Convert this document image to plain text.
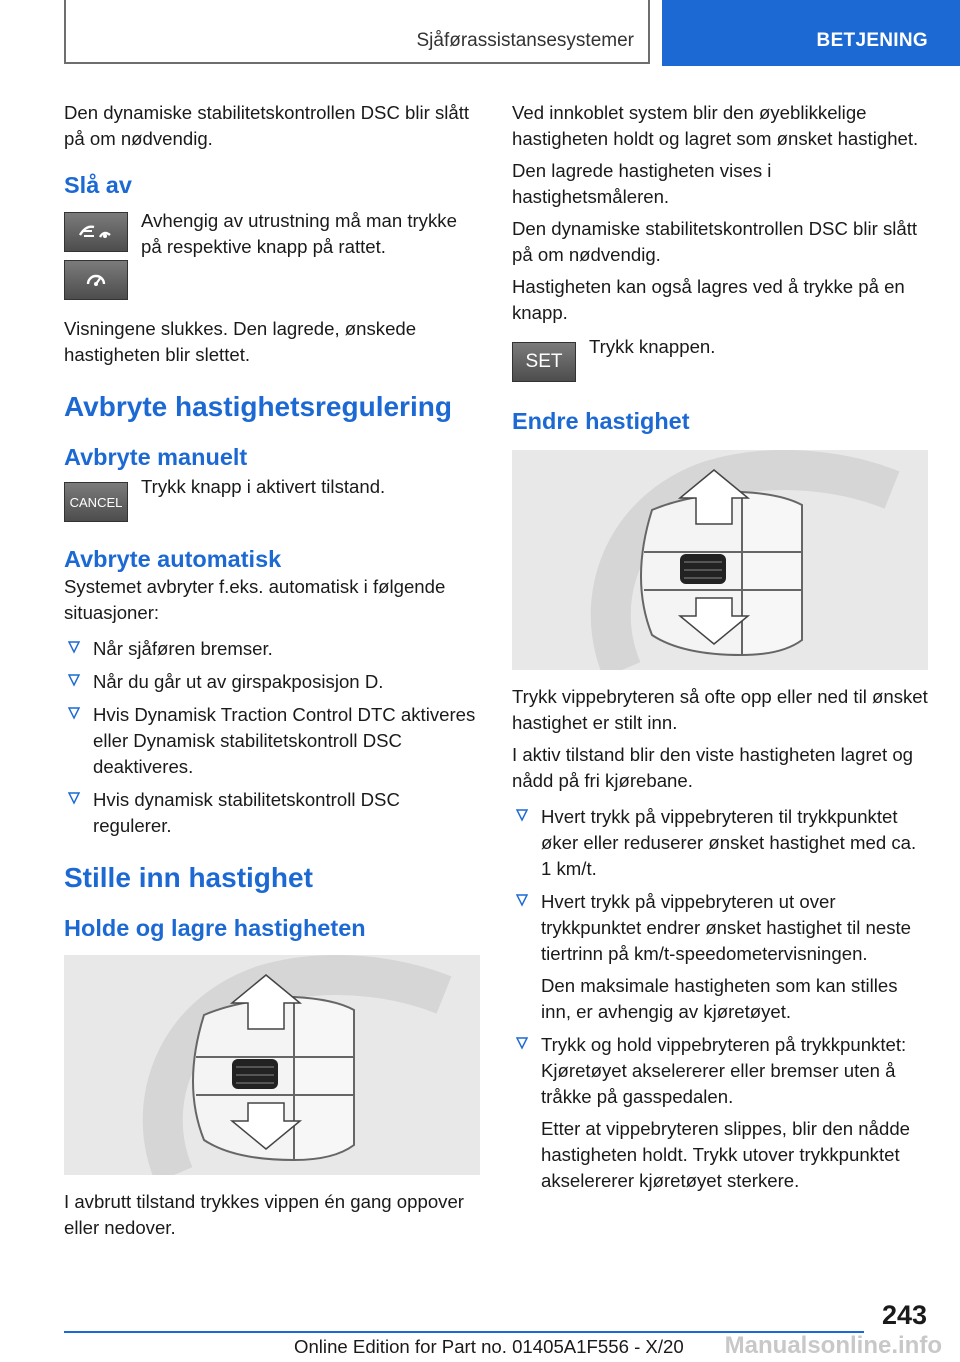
Sjåførassistansesystemer	BETJENING

Den dynamiske stabilitetskontrollen DSC blir slått på om nødvendig.

Slå av
Avhengig av utrustning må man trykke på respektive knapp på rattet.

Visningene slukkes. Den lagrede, ønskede hastigheten blir slettet.

Avbryte hastighetsregulering
Avbryte manuelt
CANCEL
Trykk knapp i aktivert tilstand.
Avbryte automatisk

Systemet avbryter f.eks. automatisk i følgende situasjoner:

Når sjåføren bremser.
Når du går ut av girspakposisjon D.
Hvis Dynamisk Traction Control DTC aktiveres eller Dynamisk stabilitetskontroll DSC deaktiveres.
Hvis dynamisk stabilitetskontroll DSC regulerer.
Stille inn hastighet
Holde og lagre hastigheten

I avbrutt tilstand trykkes vippen én gang oppover eller nedover.

Ved innkoblet system blir den øyeblikkelige hastigheten holdt og lagret som ønsket hastighet.

Den lagrede hastigheten vises i hastighetsmåleren.

Den dynamiske stabilitetskontrollen DSC blir slått på om nødvendig.

Hastigheten kan også lagres ved å trykke på en knapp.

SET
Trykk knappen.
Endre hastighet

Trykk vippebryteren så ofte opp eller ned til ønsket hastighet er stilt inn.

I aktiv tilstand blir den viste hastigheten lagret og nådd på fri kjørebane.

Hvert trykk på vippebryteren til trykkpunktet øker eller reduserer ønsket hastighet med ca. 1 km/t.
Hvert trykk på vippebryteren ut over trykkpunktet endrer ønsket hastighet til neste tiertrinn på km/t-speedometervisningen.

Den maksimale hastigheten som kan stilles inn, er avhengig av kjøretøyet.

Trykk og hold vippebryteren på trykkpunktet: Kjøretøyet akselererer eller bremser uten å tråkke på gasspedalen.

Etter at vippebryteren slippes, blir den nådde hastigheten holdt. Trykk utover trykkpunktet akselererer kjøretøyet sterkere.

243
Online Edition for Part no. 01405A1F556 - X/20 Manualsonline.info
